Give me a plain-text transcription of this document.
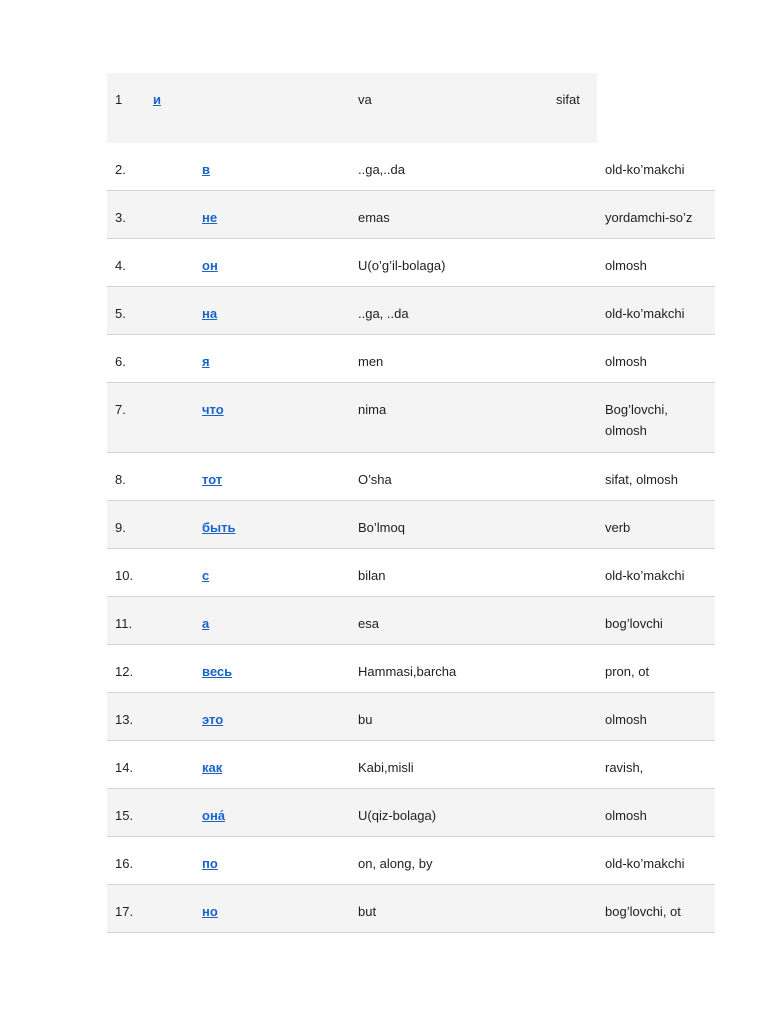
1 и	va	sifat
2.	в	..ga,..da	old-ko’makchi
3.	не	emas	yordamchi-so’z
4.	он	U(o’g’il-bolaga)	olmosh
5.	на	..ga, ..da	old-ko’makchi
6.	я	men	olmosh
7.	что	nima	Bog’lovchi, olmosh
8.	тот	O’sha	sifat, olmosh
9.	быть	Bo’lmoq	verb
10.	с	bilan	old-ko’makchi
11.	а	esa	bog’lovchi
12.	весь	Hammasi,barcha	pron, ot
13.	это	bu	olmosh
14.	как	Kabi,misli	ravish,
15.	она́	U(qiz-bolaga)	olmosh
16.	по	on, along, by	old-ko’makchi
17.	но	but	bog’lovchi, ot
